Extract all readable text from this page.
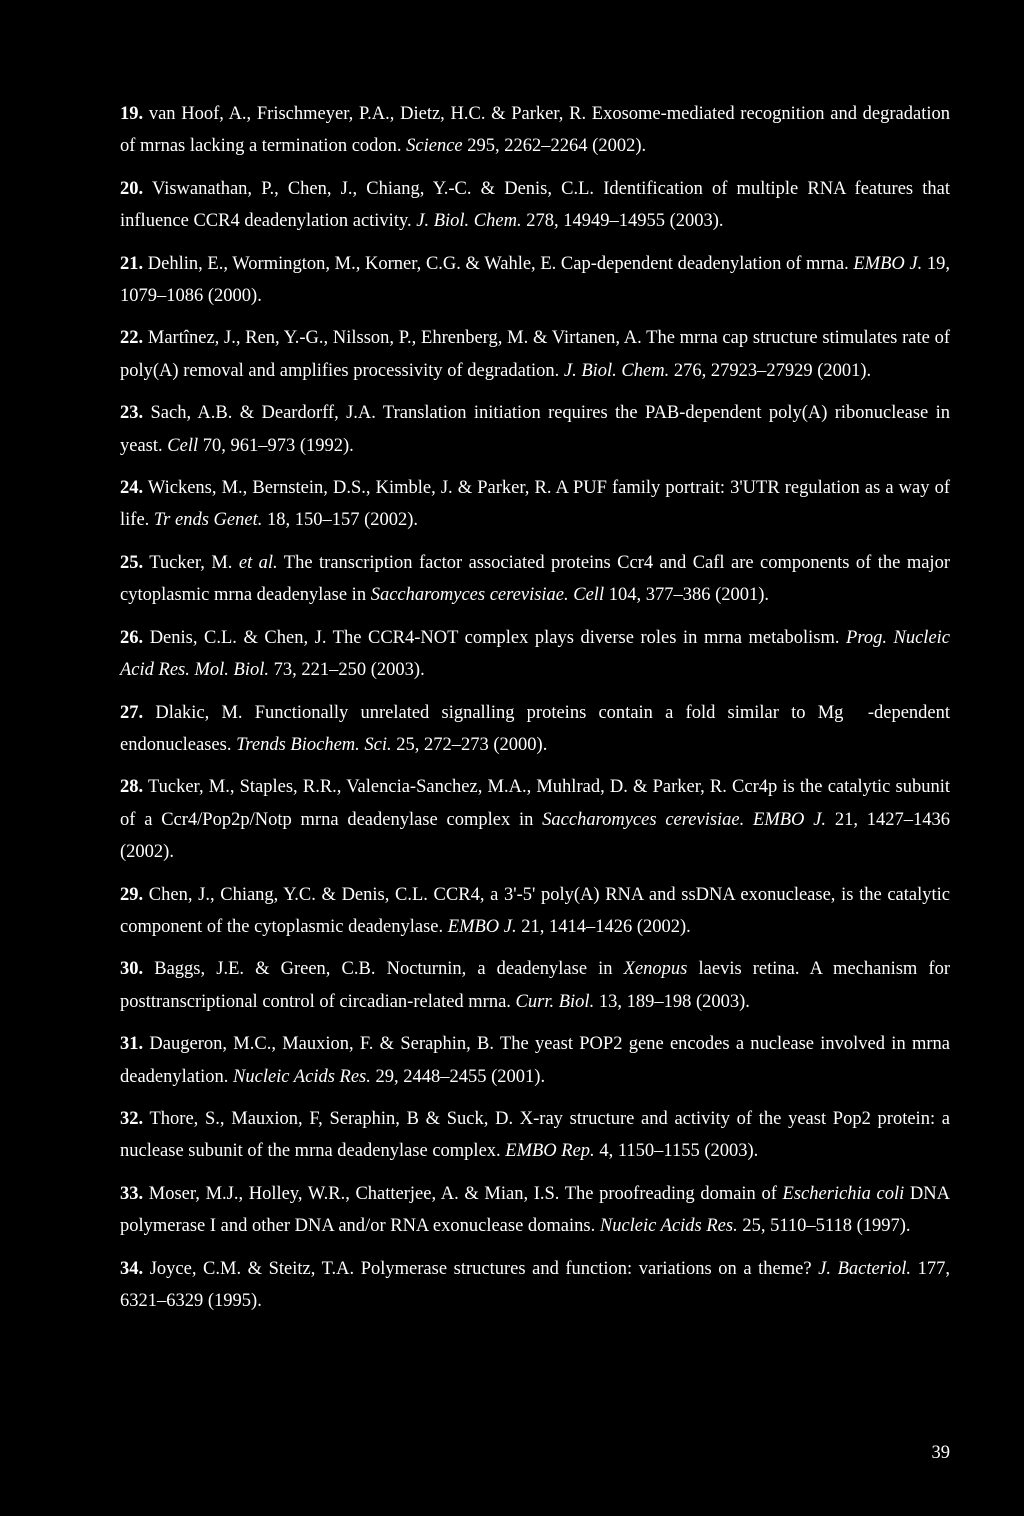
19. van Hoof, A., Frischmeyer, P.A., Dietz, H.C. & Parker, R. Exosome-mediated recognition and degradation of mrnas lacking a termination codon. Science 295, 2262–2264 (2002).

20. Viswanathan, P., Chen, J., Chiang, Y.-C. & Denis, C.L. Identification of multiple RNA features that influence CCR4 deadenylation activity. J. Biol. Chem. 278, 14949–14955 (2003).

21. Dehlin, E., Wormington, M., Korner, C.G. & Wahle, E. Cap-dependent deadenylation of mrna. EMBO J. 19, 1079–1086 (2000).

22. Martînez, J., Ren, Y.-G., Nilsson, P., Ehrenberg, M. & Virtanen, A. The mrna cap structure stimulates rate of poly(A) removal and amplifies processivity of degradation. J. Biol. Chem. 276, 27923–27929 (2001).

23. Sach, A.B. & Deardorff, J.A. Translation initiation requires the PAB-dependent poly(A) ribonuclease in yeast. Cell 70, 961–973 (1992).

24. Wickens, M., Bernstein, D.S., Kimble, J. & Parker, R. A PUF family portrait: 3'UTR regulation as a way of life. Tr ends Genet. 18, 150–157 (2002).

25. Tucker, M. et al. The transcription factor associated proteins Ccr4 and Cafl are components of the major cytoplasmic mrna deadenylase in Saccharomyces cerevisiae. Cell 104, 377–386 (2001).

26. Denis, C.L. & Chen, J. The CCR4-NOT complex plays diverse roles in mrna metabolism. Prog. Nucleic Acid Res. Mol. Biol. 73, 221–250 (2003).

27. Dlakic, M. Functionally unrelated signalling proteins contain a fold similar to Mg  -dependent endonucleases. Trends Biochem. Sci. 25, 272–273 (2000).

28. Tucker, M., Staples, R.R., Valencia-Sanchez, M.A., Muhlrad, D. & Parker, R. Ccr4p is the catalytic subunit of a Ccr4/Pop2p/Notp mrna deadenylase complex in Saccharomyces cerevisiae. EMBO J. 21, 1427–1436 (2002).

29. Chen, J., Chiang, Y.C. & Denis, C.L. CCR4, a 3'-5' poly(A) RNA and ssDNA exonuclease, is the catalytic component of the cytoplasmic deadenylase. EMBO J. 21, 1414–1426 (2002).

30. Baggs, J.E. & Green, C.B. Nocturnin, a deadenylase in Xenopus laevis retina. A mechanism for posttranscriptional control of circadian-related mrna. Curr. Biol. 13, 189–198 (2003).

31. Daugeron, M.C., Mauxion, F. & Seraphin, B. The yeast POP2 gene encodes a nuclease involved in mrna deadenylation. Nucleic Acids Res. 29, 2448–2455 (2001).

32. Thore, S., Mauxion, F, Seraphin, B & Suck, D. X-ray structure and activity of the yeast Pop2 protein: a nuclease subunit of the mrna deadenylase complex. EMBO Rep. 4, 1150–1155 (2003).

33. Moser, M.J., Holley, W.R., Chatterjee, A. & Mian, I.S. The proofreading domain of Escherichia coli DNA polymerase I and other DNA and/or RNA exonuclease domains. Nucleic Acids Res. 25, 5110–5118 (1997).

34. Joyce, C.M. & Steitz, T.A. Polymerase structures and function: variations on a theme? J. Bacteriol. 177, 6321–6329 (1995).

39
